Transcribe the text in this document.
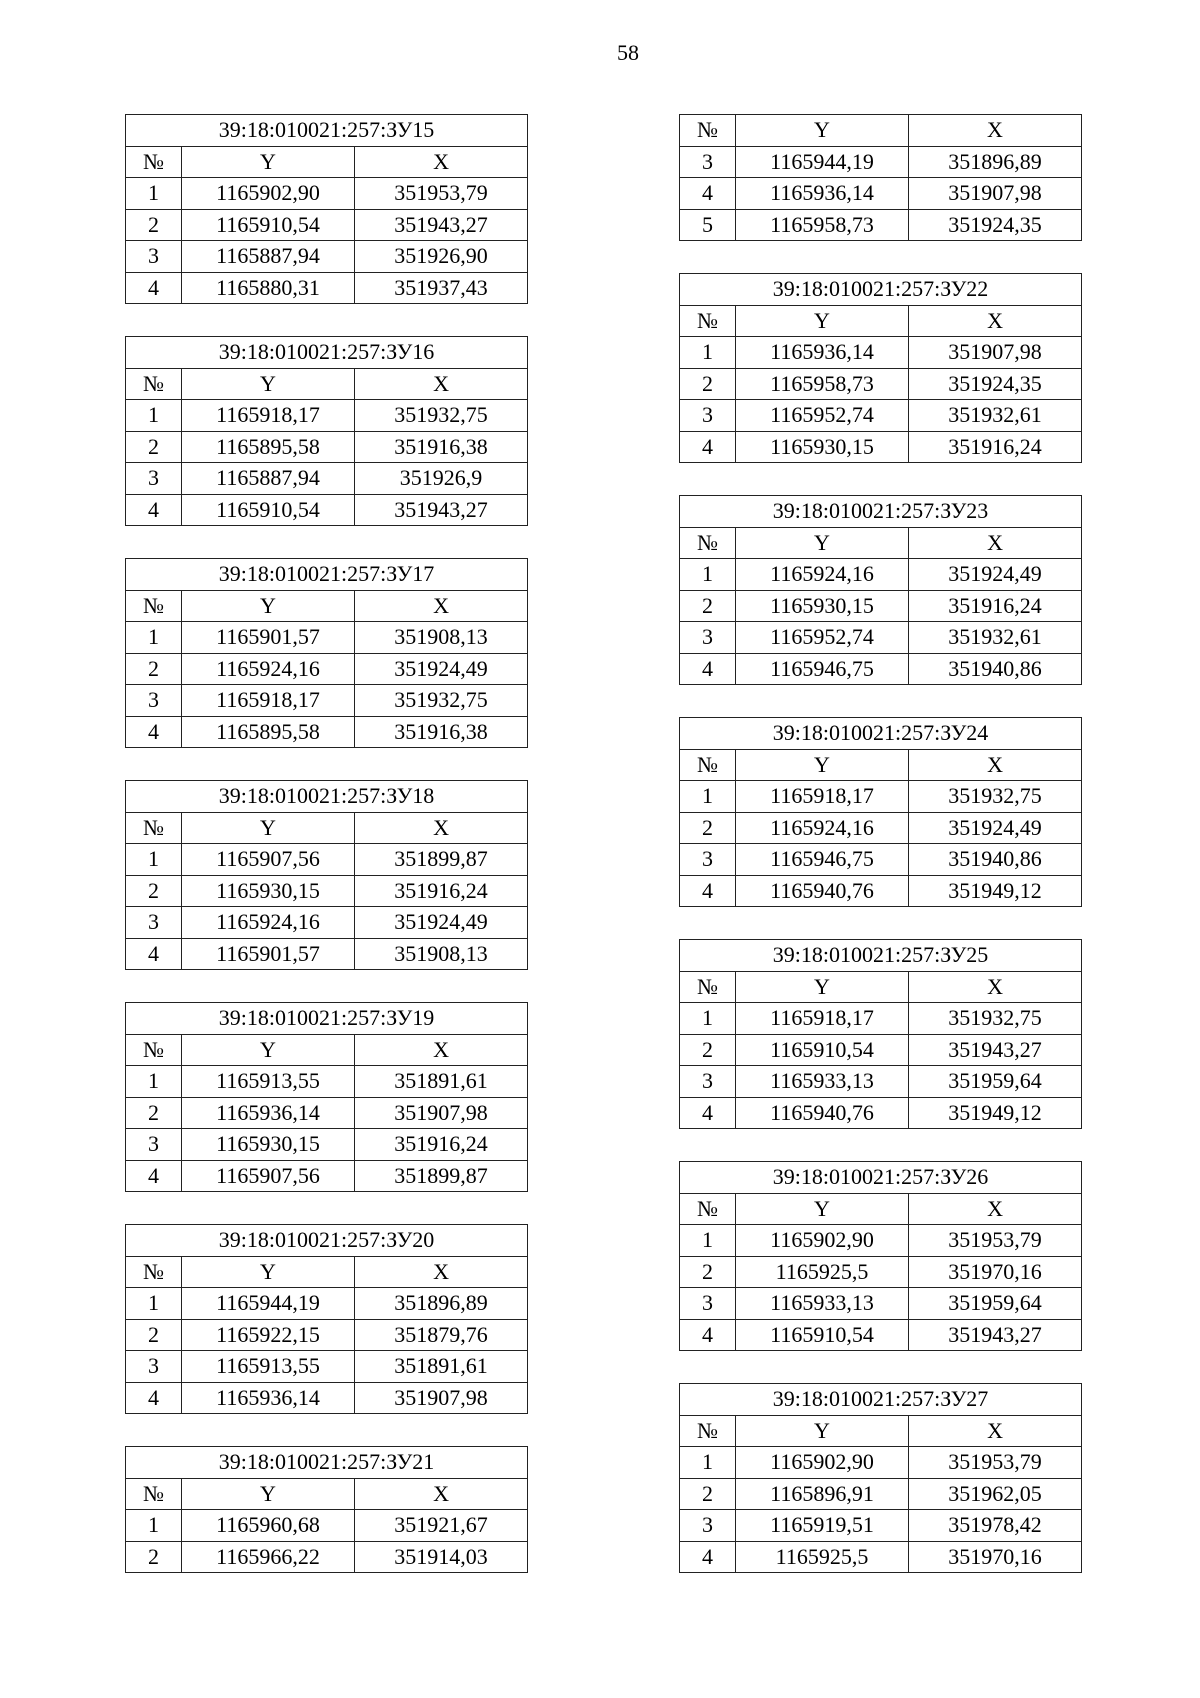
58
39:18:010021:257:ЗУ15		
№	Y	X
1	1165902,90	351953,79
2	1165910,54	351943,27
3	1165887,94	351926,90
4	1165880,31	351937,43
39:18:010021:257:ЗУ16		
№	Y	X
1	1165918,17	351932,75
2	1165895,58	351916,38
3	1165887,94	351926,9
4	1165910,54	351943,27
39:18:010021:257:ЗУ17		
№	Y	X
1	1165901,57	351908,13
2	1165924,16	351924,49
3	1165918,17	351932,75
4	1165895,58	351916,38
39:18:010021:257:ЗУ18		
№	Y	X
1	1165907,56	351899,87
2	1165930,15	351916,24
3	1165924,16	351924,49
4	1165901,57	351908,13
39:18:010021:257:ЗУ19		
№	Y	X
1	1165913,55	351891,61
2	1165936,14	351907,98
3	1165930,15	351916,24
4	1165907,56	351899,87
39:18:010021:257:ЗУ20		
№	Y	X
1	1165944,19	351896,89
2	1165922,15	351879,76
3	1165913,55	351891,61
4	1165936,14	351907,98
39:18:010021:257:ЗУ21		
№	Y	X
1	1165960,68	351921,67
2	1165966,22	351914,03
№	Y	X
3	1165944,19	351896,89
4	1165936,14	351907,98
5	1165958,73	351924,35
39:18:010021:257:ЗУ22		
№	Y	X
1	1165936,14	351907,98
2	1165958,73	351924,35
3	1165952,74	351932,61
4	1165930,15	351916,24
39:18:010021:257:ЗУ23		
№	Y	X
1	1165924,16	351924,49
2	1165930,15	351916,24
3	1165952,74	351932,61
4	1165946,75	351940,86
39:18:010021:257:ЗУ24		
№	Y	X
1	1165918,17	351932,75
2	1165924,16	351924,49
3	1165946,75	351940,86
4	1165940,76	351949,12
39:18:010021:257:ЗУ25		
№	Y	X
1	1165918,17	351932,75
2	1165910,54	351943,27
3	1165933,13	351959,64
4	1165940,76	351949,12
39:18:010021:257:ЗУ26		
№	Y	X
1	1165902,90	351953,79
2	1165925,5	351970,16
3	1165933,13	351959,64
4	1165910,54	351943,27
39:18:010021:257:ЗУ27		
№	Y	X
1	1165902,90	351953,79
2	1165896,91	351962,05
3	1165919,51	351978,42
4	1165925,5	351970,16
